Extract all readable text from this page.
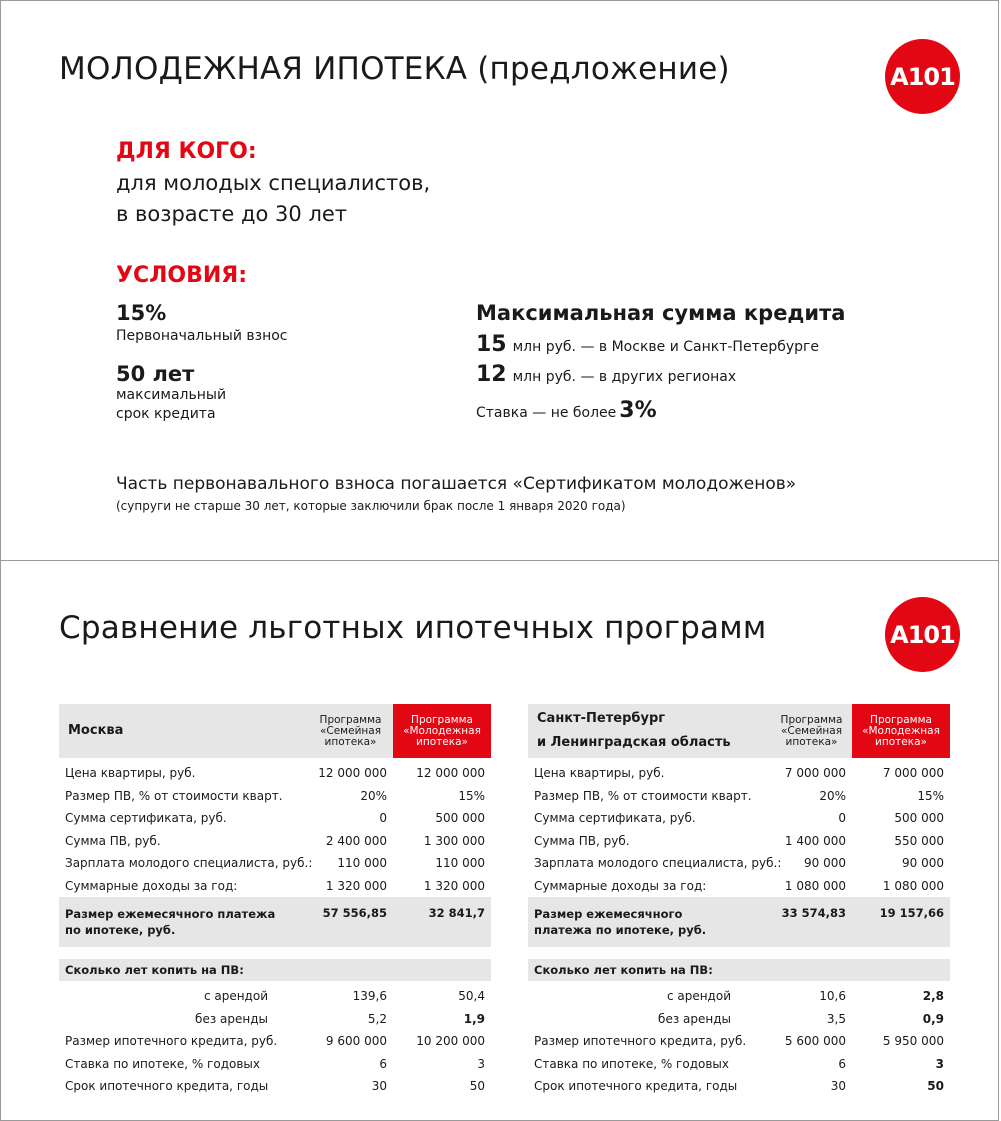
МОЛОДЕЖНАЯ ИПОТЕКА (предложение)	А101

ДЛЯ КОГО:

для молодых специалистов,

в возрасте до 30 лет

УСЛОВИЯ:

15%

Первоначальный взнос

50 лет

максимальный

срок кредита

Максимальная сумма кредита

15 млн руб. — в Москве и Санкт-Петербурге

12 млн руб. — в других регионах

Ставка — не более 3%

Часть первонавального взноса погашается «Сертификатом молодоженов»

(супруги не старше 30 лет, которые заключили брак после 1 января 2020 года)

Сравнение льготных ипотечных программ	А101
Москва	Программа
«Семейная
ипотека»	Программа
«Молодежная
ипотека»
Цена квартиры, руб.	12 000 000	12 000 000
Размер ПВ, % от стоимости кварт.	20%	15%
Сумма сертификата, руб.	0	500 000
Сумма ПВ, руб.	2 400 000	1 300 000
Зарплата молодого специалиста, руб.:	110 000	110 000
Суммарные доходы за год:	1 320 000	1 320 000
Размер ежемесячного платежа
по ипотеке, руб.	57 556,85	32 841,7

Сколько лет копить на ПВ:		
с арендой	139,6	50,4
без аренды	5,2	1,9
Размер ипотечного кредита, руб.	9 600 000	10 200 000
Ставка по ипотеке, % годовых	6	3
Срок ипотечного кредита, годы	30	50
Санкт-Петербург
и Ленинградская область	Программа
«Семейная
ипотека»	Программа
«Молодежная
ипотека»
Цена квартиры, руб.	7 000 000	7 000 000
Размер ПВ, % от стоимости кварт.	20%	15%
Сумма сертификата, руб.	0	500 000
Сумма ПВ, руб.	1 400 000	550 000
Зарплата молодого специалиста, руб.:	90 000	90 000
Суммарные доходы за год:	1 080 000	1 080 000
Размер ежемесячного
платежа по ипотеке, руб.	33 574,83	19 157,66

Сколько лет копить на ПВ:		
с арендой	10,6	2,8
без аренды	3,5	0,9
Размер ипотечного кредита, руб.	5 600 000	5 950 000
Ставка по ипотеке, % годовых	6	3
Срок ипотечного кредита, годы	30	50
